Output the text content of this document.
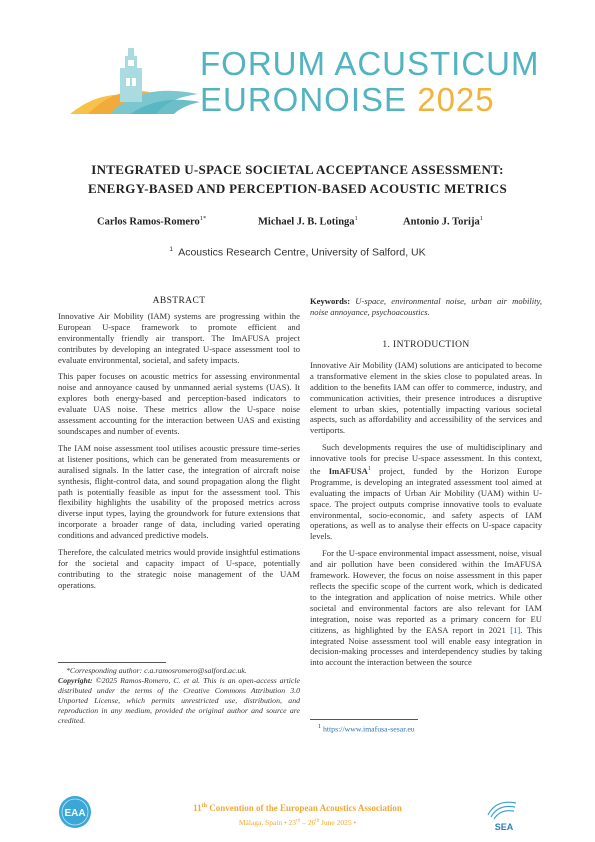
FORUM ACUSTICUM
EURONOISE 2025
INTEGRATED U-SPACE SOCIETAL ACCEPTANCE ASSESSMENT:
ENERGY-BASED AND PERCEPTION-BASED ACOUSTIC METRICS
Carlos Ramos-Romero$^{1*}$	Michael J. B. Lotinga$^1$	Antonio J. Torija$^1$
$^1$ Acoustics Research Centre, University of Salford, UK
ABSTRACT

Innovative Air Mobility (IAM) systems are progressing within the European U-space framework to promote efficient and environmentally friendly air transport. The ImAFUSA project contributes by developing an integrated U-space assessment tool to evaluate environmental, societal, and safety impacts.

This paper focuses on acoustic metrics for assessing environmental noise and annoyance caused by unmanned aerial systems (UAS). It explores both energy-based and perception-based indicators to evaluate UAS noise. These metrics allow the U-space noise assessment accounting for the interaction between UAS and existing soundscapes and number of events.

The IAM noise assessment tool utilises acoustic pressure time-series at listener positions, which can be generated from measurements or auralised signals. In the latter case, the integration of aircraft noise synthesis, flight-control data, and sound propagation along the flight path is potentially feasible as input for the assessment tool. This flexibility highlights the usability of the proposed metrics across diverse input types, laying the groundwork for future extensions that incorporate a broader range of data, including varied operating conditions and advanced predictive models.

Therefore, the calculated metrics would provide insightful estimations for the societal and capacity impact of U-space, potentially contributing to the strategic noise management of the UAM operations.

*Corresponding author: c.a.ramosromero@salford.ac.uk.
Copyright: ©2025 Ramos-Romero, C. et al. This is an open-access article distributed under the terms of the Creative Commons Attribution 3.0 Unported License, which permits unrestricted use, distribution, and reproduction in any medium, provided the original author and source are credited.
Keywords: U-space, environmental noise, urban air mobility, noise annoyance, psychoacoustics.
1. INTRODUCTION

Innovative Air Mobility (IAM) solutions are anticipated to become a transformative element in the skies close to populated areas. In addition to the benefits IAM can offer to commerce, industry, and communication activities, their presence introduces a disruptive element to urban skies, potentially impacting various societal aspects, such as affordability and accessibility of the services and vertiports.

Such developments requires the use of multidisciplinary and innovative tools for precise U-space assessment. In this context, the ImAFUSA$^1$ project, funded by the Horizon Europe Programme, is developing an integrated assessment tool aimed at evaluating the impacts of Urban Air Mobility (UAM) within U-space. The project outputs comprise innovative tools to evaluate environmental, socio-economic, and safety aspects of IAM operations, as well as to analyse their effects on U-space capacity levels.

For the U-space environmental impact assessment, noise, visual and air pollution have been considered within the ImAFUSA framework. However, the focus on noise assessment in this paper reflects the specific scope of the current work, which is dedicated to the integration and application of noise metrics. While other societal and environmental factors are also relevant for IAM integration, noise was reported as a primary concern for EU citizens, as highlighted by the EASA report in 2021 [1]. This integrated Noise assessment tool will enable easy integration in decision-making processes and interdependency studies by taking into account the interaction between the source

$^1$ https://www.imafusa-sesar.eu
EAA	11th Convention of the European Acoustics Association
Málaga, Spain • 23rd – 26th June 2025 •	SEA
